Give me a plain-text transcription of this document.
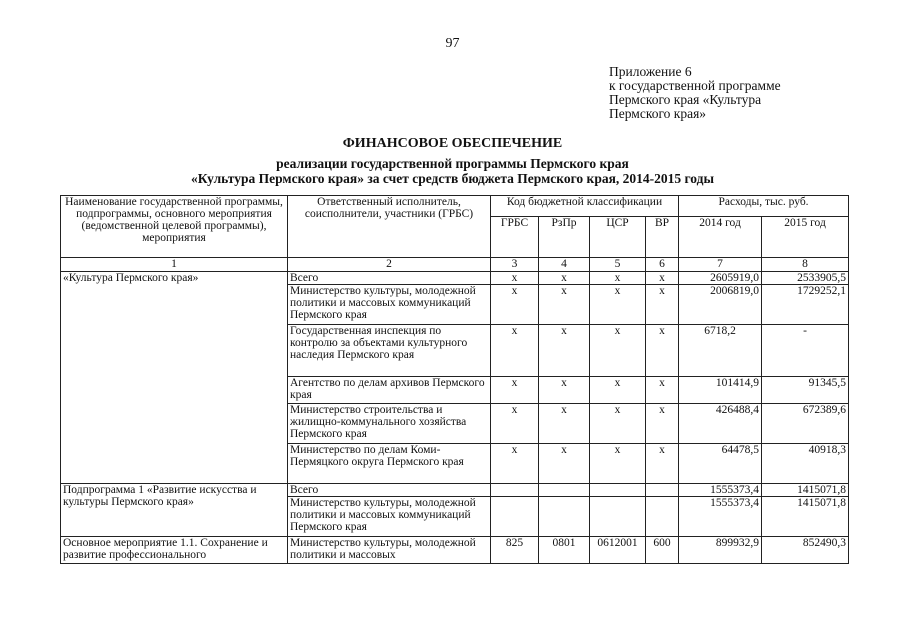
97
Приложение 6
к государственной программе
Пермского края «Культура
Пермского края»
ФИНАНСОВОЕ ОБЕСПЕЧЕНИЕ
реализации государственной программы Пермского края
«Культура Пермского края» за счет средств бюджета Пермского края, 2014-2015 годы
Наименование государственной программы, подпрограммы, основного мероприятия (ведомственной целевой программы), мероприятия	Ответственный исполнитель, соисполнители, участники (ГРБС)	Код бюджетной классификации				Расходы, тыс. руб.	
		ГРБС	РзПр	ЦСР	ВР	2014 год	2015 год
1	2	3	4	5	6	7	8
«Культура Пермского края»	Всего	x	x	x	x	2605919,0	2533905,5
	Министерство культуры, молодежной политики и массовых коммуникаций Пермского края	x	x	x	x	2006819,0	1729252,1
	Государственная инспекция по контролю за объектами культурного наследия Пермского края	x	x	x	x	6718,2	-
	Агентство по делам архивов Пермского края	x	x	x	x	101414,9	91345,5
	Министерство строительства и жилищно-коммунального хозяйства Пермского края	x	x	x	x	426488,4	672389,6
	Министерство по делам Коми-Пермяцкого округа Пермского края	x	x	x	x	64478,5	40918,3
Подпрограмма 1 «Развитие искусства и культуры Пермского края»	Всего					1555373,4	1415071,8
	Министерство культуры, молодежной политики и массовых коммуникаций Пермского края					1555373,4	1415071,8
Основное мероприятие 1.1. Сохранение и развитие профессионального	Министерство культуры, молодежной политики и массовых	825	0801	0612001	600	899932,9	852490,3
